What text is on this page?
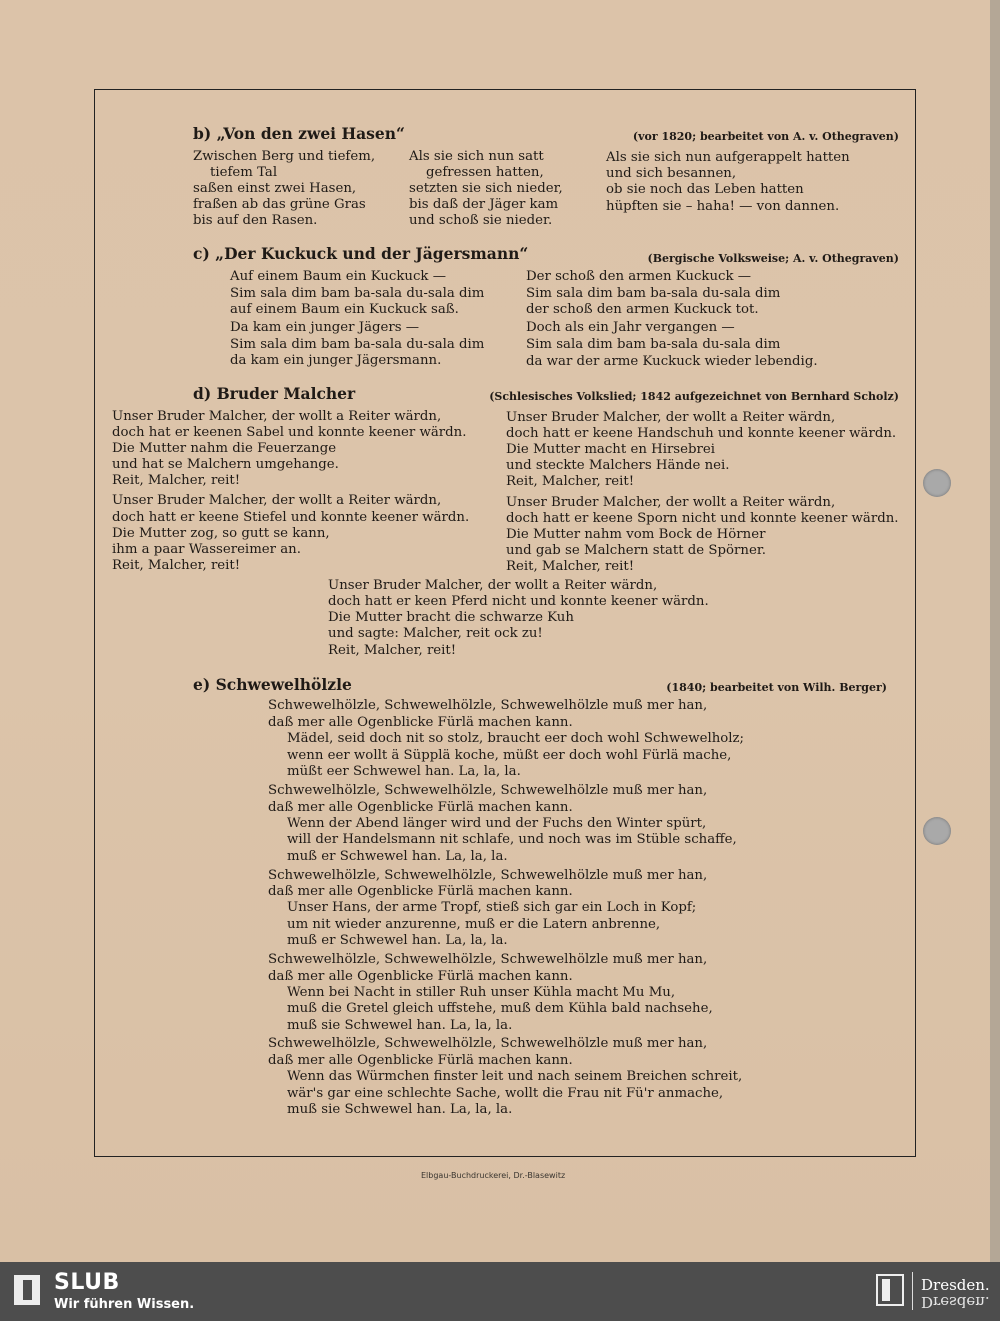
b) „Von den zwei Hasen“	(vor 1820; bearbeitet von A. v. Othegraven)
Zwischen Berg und tiefem,
tiefem Tal
saßen einst zwei Hasen,
fraßen ab das grüne Gras
bis auf den Rasen.
Als sie sich nun satt
gefressen hatten,
setzten sie sich nieder,
bis daß der Jäger kam
und schoß sie nieder.
Als sie sich nun aufgerappelt hatten
und sich besannen,
ob sie noch das Leben hatten
hüpften sie – haha! — von dannen.
c) „Der Kuckuck und der Jägersmann“	(Bergische Volksweise; A. v. Othegraven)
Auf einem Baum ein Kuckuck —
Sim sala dim bam ba-sala du-sala dim
auf einem Baum ein Kuckuck saß.
Da kam ein junger Jägers —
Sim sala dim bam ba-sala du-sala dim
da kam ein junger Jägersmann.
Der schoß den armen Kuckuck —
Sim sala dim bam ba-sala du-sala dim
der schoß den armen Kuckuck tot.
Doch als ein Jahr vergangen —
Sim sala dim bam ba-sala du-sala dim
da war der arme Kuckuck wieder lebendig.
d) Bruder Malcher	(Schlesisches Volkslied; 1842 aufgezeichnet von Bernhard Scholz)
Unser Bruder Malcher, der wollt a Reiter wärdn,
doch hat er keenen Sabel und konnte keener wärdn.
Die Mutter nahm die Feuerzange
und hat se Malchern umgehange.
Reit, Malcher, reit!
Unser Bruder Malcher, der wollt a Reiter wärdn,
doch hatt er keene Stiefel und konnte keener wärdn.
Die Mutter zog, so gutt se kann,
ihm a paar Wassereimer an.
Reit, Malcher, reit!
Unser Bruder Malcher, der wollt a Reiter wärdn,
doch hatt er keene Handschuh und konnte keener wärdn.
Die Mutter macht en Hirsebrei
und steckte Malchers Hände nei.
Reit, Malcher, reit!
Unser Bruder Malcher, der wollt a Reiter wärdn,
doch hatt er keene Sporn nicht und konnte keener wärdn.
Die Mutter nahm vom Bock de Hörner
und gab se Malchern statt de Spörner.
Reit, Malcher, reit!
Unser Bruder Malcher, der wollt a Reiter wärdn,
doch hatt er keen Pferd nicht und konnte keener wärdn.
Die Mutter bracht die schwarze Kuh
und sagte: Malcher, reit ock zu!
Reit, Malcher, reit!
e) Schwewelhölzle	(1840; bearbeitet von Wilh. Berger)
Schwewelhölzle, Schwewelhölzle, Schwewelhölzle muß mer han,
daß mer alle Ogenblicke Fürlä machen kann.
Mädel, seid doch nit so stolz, braucht eer doch wohl Schwewelholz;
wenn eer wollt ä Süpplä koche, müßt eer doch wohl Fürlä mache,
müßt eer Schwewel han. La, la, la.
Schwewelhölzle, Schwewelhölzle, Schwewelhölzle muß mer han,
daß mer alle Ogenblicke Fürlä machen kann.
Wenn der Abend länger wird und der Fuchs den Winter spürt,
will der Handelsmann nit schlafe, und noch was im Stüble schaffe,
muß er Schwewel han. La, la, la.
Schwewelhölzle, Schwewelhölzle, Schwewelhölzle muß mer han,
daß mer alle Ogenblicke Fürlä machen kann.
Unser Hans, der arme Tropf, stieß sich gar ein Loch in Kopf;
um nit wieder anzurenne, muß er die Latern anbrenne,
muß er Schwewel han. La, la, la.
Schwewelhölzle, Schwewelhölzle, Schwewelhölzle muß mer han,
daß mer alle Ogenblicke Fürlä machen kann.
Wenn bei Nacht in stiller Ruh unser Kühla macht Mu Mu,
muß die Gretel gleich uffstehe, muß dem Kühla bald nachsehe,
muß sie Schwewel han. La, la, la.
Schwewelhölzle, Schwewelhölzle, Schwewelhölzle muß mer han,
daß mer alle Ogenblicke Fürlä machen kann.
Wenn das Würmchen finster leit und nach seinem Breichen schreit,
wär's gar eine schlechte Sache, wollt die Frau nit Fü'r anmache,
muß sie Schwewel han. La, la, la.
Elbgau-Buchdruckerei, Dr.-Blasewitz
SLUB
Wir führen Wissen.
Dresden.
Dresden.
